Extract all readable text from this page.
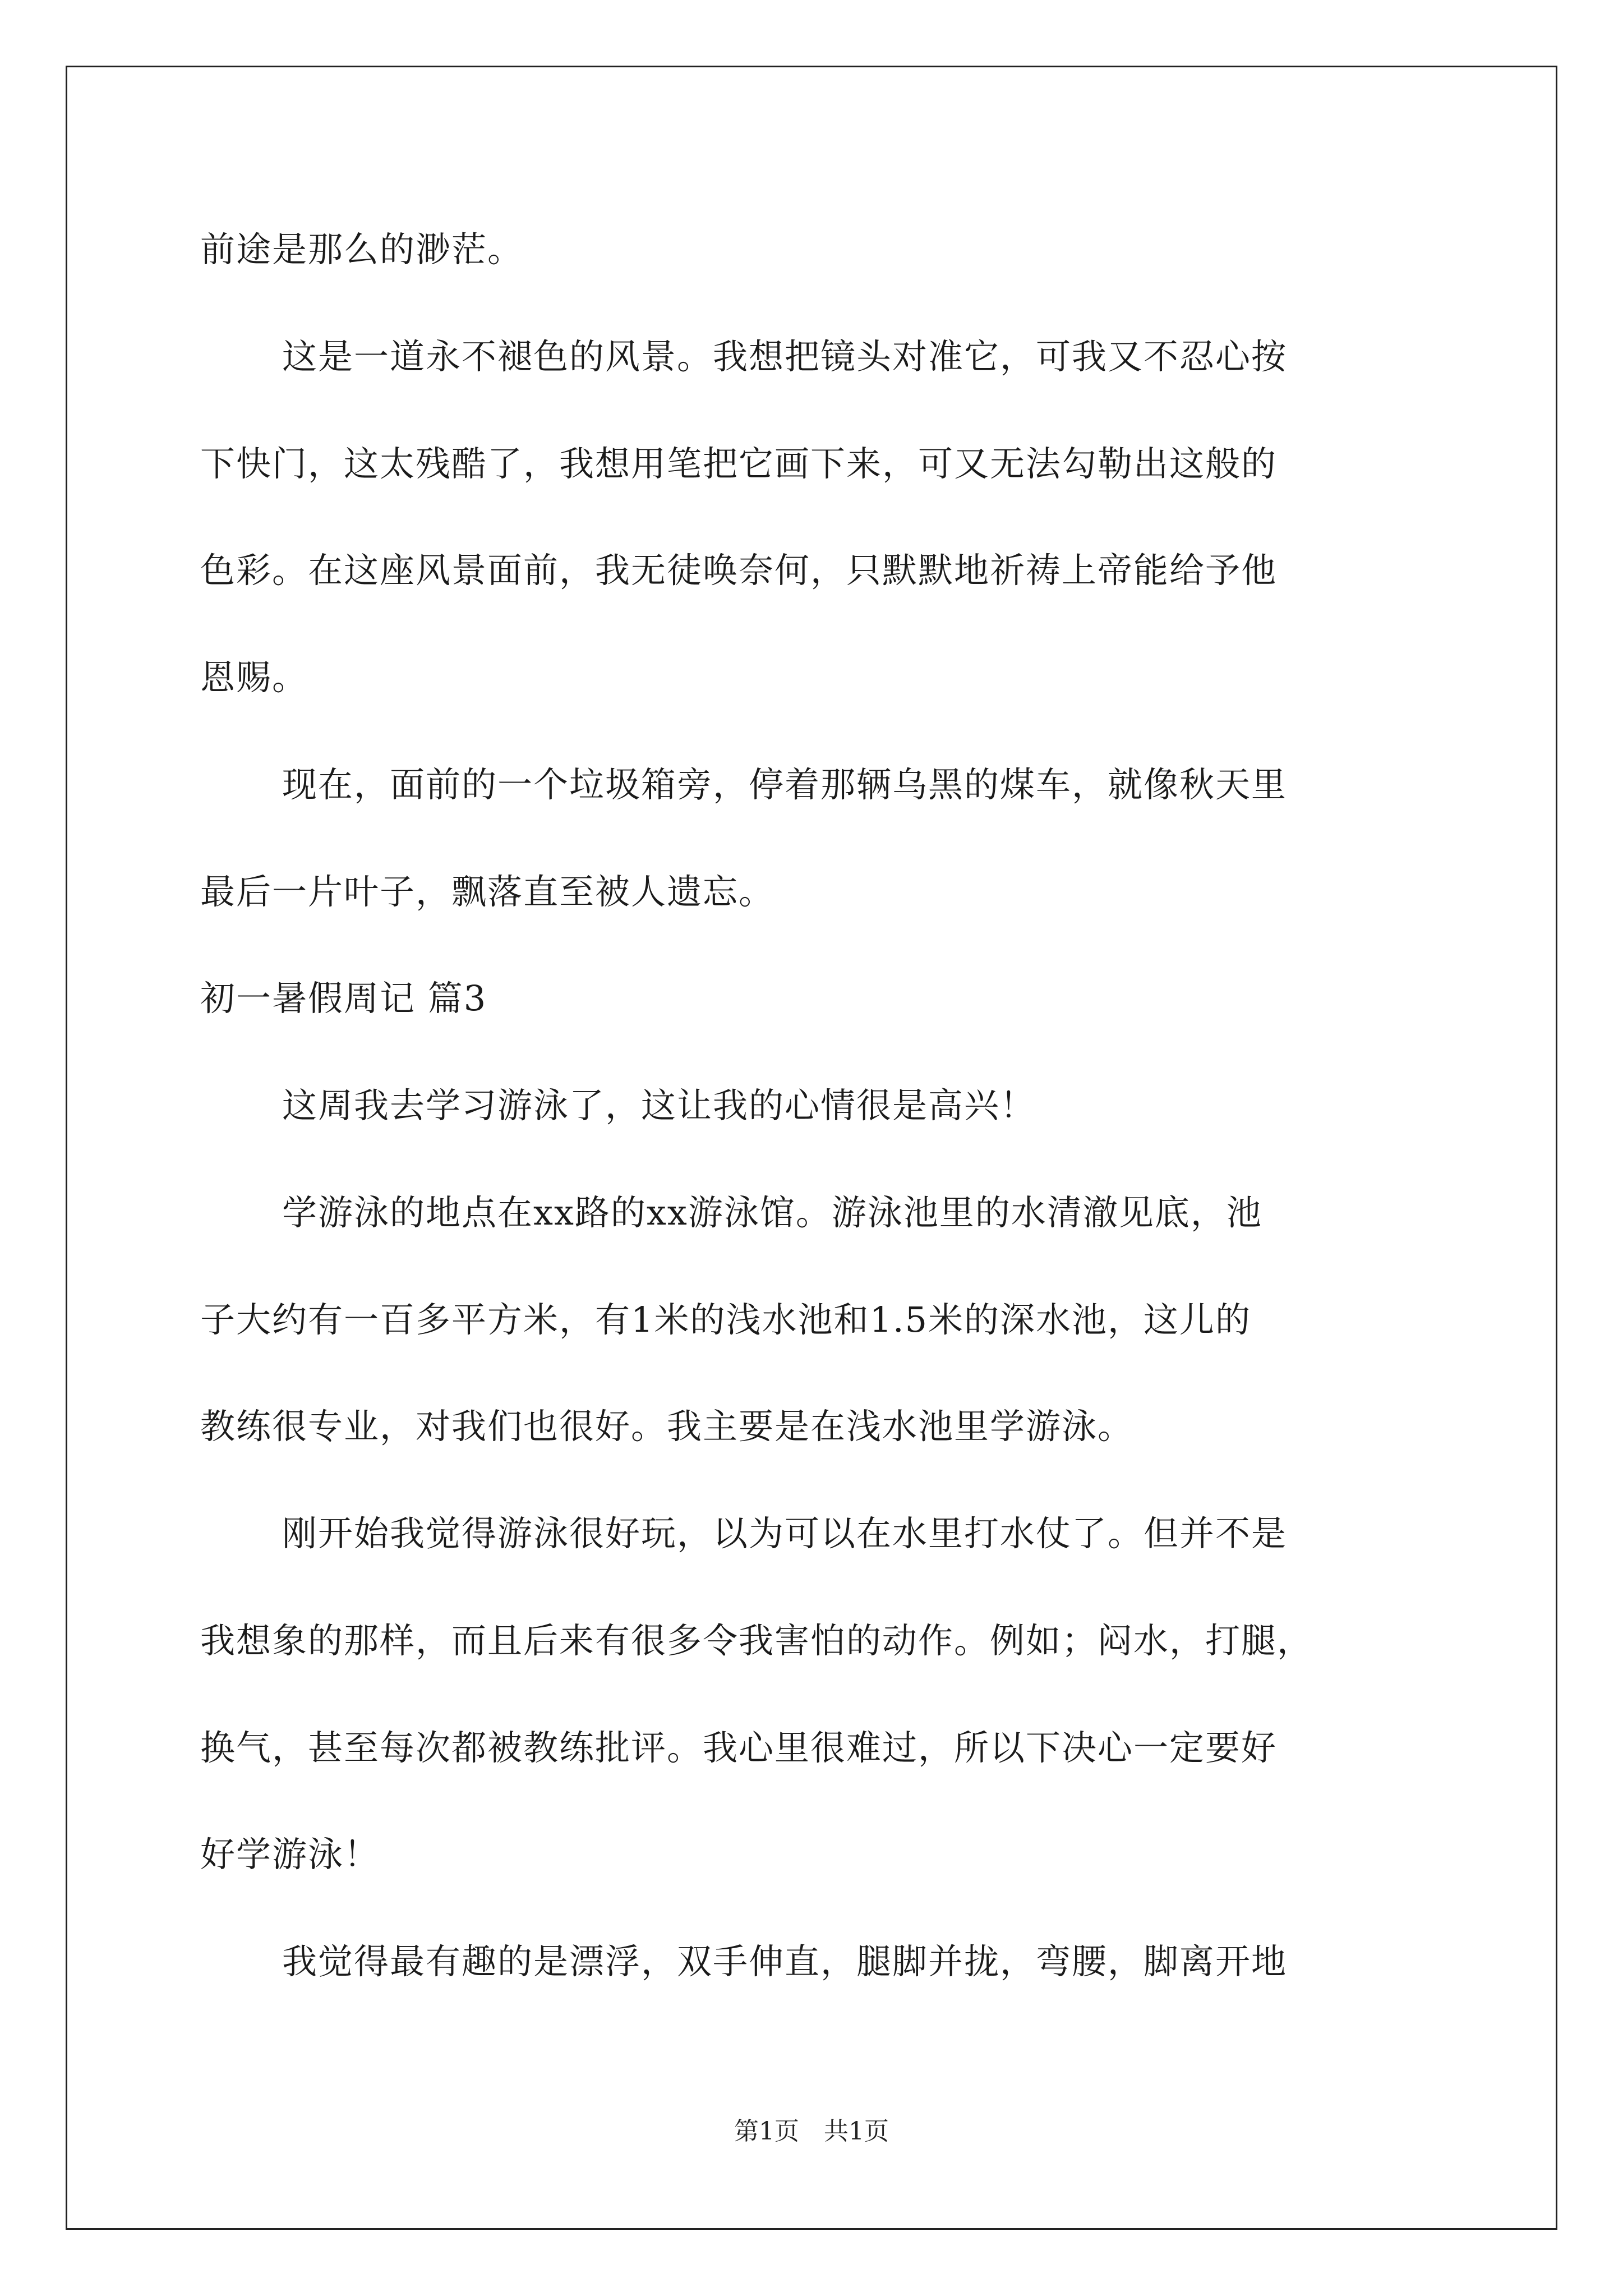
前途是那么的渺茫。
这是一道永不褪色的风景。我想把镜头对准它，可我又不忍心按
下快门，这太残酷了，我想用笔把它画下来，可又无法勾勒出这般的
色彩。在这座风景面前，我无徒唤奈何，只默默地祈祷上帝能给予他
恩赐。
现在，面前的一个垃圾箱旁，停着那辆乌黑的煤车，就像秋天里
最后一片叶子，飘落直至被人遗忘。
初一暑假周记 篇3
这周我去学习游泳了，这让我的心情很是高兴！
学游泳的地点在xx路的xx游泳馆。游泳池里的水清澈见底，池
子大约有一百多平方米，有1米的浅水池和1.5米的深水池，这儿的
教练很专业，对我们也很好。我主要是在浅水池里学游泳。
刚开始我觉得游泳很好玩，以为可以在水里打水仗了。但并不是
我想象的那样，而且后来有很多令我害怕的动作。例如；闷水，打腿，
换气，甚至每次都被教练批评。我心里很难过，所以下决心一定要好
好学游泳！
我觉得最有趣的是漂浮，双手伸直，腿脚并拢，弯腰，脚离开地
第1页　共1页
